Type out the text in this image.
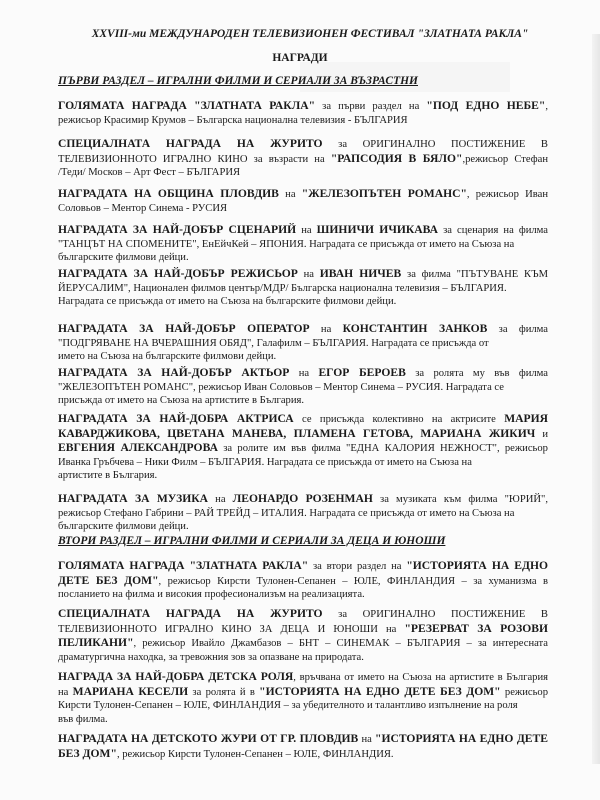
XXVIII-ми МЕЖДУНАРОДЕН ТЕЛЕВИЗИОНЕН ФЕСТИВАЛ "ЗЛАТНАТА РАКЛА"
НАГРАДИ
ПЪРВИ РАЗДЕЛ – ИГРАЛНИ ФИЛМИ И СЕРИАЛИ ЗА ВЪЗРАСТНИ
ГОЛЯМАТА НАГРАДА "ЗЛАТНАТА РАКЛА" за първи раздел на "ПОД ЕДНО НЕБЕ",
режисьор Красимир Крумов – Българска национална телевизия - БЪЛГАРИЯ
СПЕЦИАЛНАТА НАГРАДА НА ЖУРИТО за ОРИГИНАЛНО ПОСТИЖЕНИЕ В
ТЕЛЕВИЗИОННОТО ИГРАЛНО КИНО за възрасти на "РАПСОДИЯ В БЯЛО",режисьор Стефан
/Теди/ Москов – Арт Фест – БЪЛГАРИЯ
НАГРАДАТА НА ОБЩИНА ПЛОВДИВ на "ЖЕЛЕЗОПЪТЕН РОМАНС", режисьор Иван
Соловьов – Ментор Синема - РУСИЯ
НАГРАДАТА ЗА НАЙ-ДОБЪР СЦЕНАРИЙ на ШИНИЧИ ИЧИКАВА за сценария на филма
"ТАНЦЪТ НА СПОМЕНИТЕ", ЕнЕйчКей – ЯПОНИЯ. Наградата се присъжда от името на Съюза на
българските филмови дейци.
НАГРАДАТА ЗА НАЙ-ДОБЪР РЕЖИСЬОР на ИВАН НИЧЕВ за филма "ПЪТУВАНЕ КЪМ
ЙЕРУСАЛИМ", Национален филмов център/МДР/ Българска национална телевизия – БЪЛГАРИЯ.
Наградата се присъжда от името на Съюза на българските филмови дейци.
НАГРАДАТА ЗА НАЙ-ДОБЪР ОПЕРАТОР на КОНСТАНТИН ЗАНКОВ за филма
"ПОДГРЯВАНЕ НА ВЧЕРАШНИЯ ОБЯД", Галафилм – БЪЛГАРИЯ. Наградата се присъжда от
името на Съюза на българските филмови дейци.
НАГРАДАТА ЗА НАЙ-ДОБЪР АКТЬОР на ЕГОР БЕРОЕВ за ролята му във филма
"ЖЕЛЕЗОПЪТЕН РОМАНС", режисьор Иван Соловьов – Ментор Синема – РУСИЯ. Наградата се
присъжда от името на Съюза на артистите в България.
НАГРАДАТА ЗА НАЙ-ДОБРА АКТРИСА се присъжда колективно на актрисите МАРИЯ
КАВАРДЖИКОВА, ЦВЕТАНА МАНЕВА, ПЛАМЕНА ГЕТОВА, МАРИАНА ЖИКИЧ и
ЕВГЕНИЯ АЛЕКСАНДРОВА за ролите им във филма "ЕДНА КАЛОРИЯ НЕЖНОСТ", режисьор
Иванка Гръбчева – Ники Филм – БЪЛГАРИЯ. Наградата се присъжда от името на Съюза на
артистите в България.
НАГРАДАТА ЗА МУЗИКА на ЛЕОНАРДО РОЗЕНМАН за музиката към филма "ЮРИЙ",
режисьор Стефано Габрини – РАЙ ТРЕЙД – ИТАЛИЯ. Наградата се присъжда от името на Съюза на
българските филмови дейци.
ВТОРИ РАЗДЕЛ – ИГРАЛНИ ФИЛМИ И СЕРИАЛИ ЗА ДЕЦА И ЮНОШИ
ГОЛЯМАТА НАГРАДА "ЗЛАТНАТА РАКЛА" за втори раздел на "ИСТОРИЯТА НА ЕДНО
ДЕТЕ БЕЗ ДОМ", режисьор Кирсти Тулонен-Сепанен – ЮЛЕ, ФИНЛАНДИЯ – за хуманизма в
посланието на филма и високия професионализъм на реализацията.
СПЕЦИАЛНАТА НАГРАДА НА ЖУРИТО за ОРИГИНАЛНО ПОСТИЖЕНИЕ В
ТЕЛЕВИЗИОННОТО ИГРАЛНО КИНО ЗА ДЕЦА И ЮНОШИ на "РЕЗЕРВАТ ЗА РОЗОВИ
ПЕЛИКАНИ", режисьор Ивайло Джамбазов – БНТ – СИНЕМАК – БЪЛГАРИЯ – за интересната
драматургична находка, за тревожния зов за опазване на природата.
НАГРАДА ЗА НАЙ-ДОБРА ДЕТСКА РОЛЯ, връчвана от името на Съюза на артистите в България
на МАРИАНА КЕСЕЛИ за ролята й в "ИСТОРИЯТА НА ЕДНО ДЕТЕ БЕЗ ДОМ" режисьор
Кирсти Тулонен-Сепанен – ЮЛЕ, ФИНЛАНДИЯ – за убедителното и талантливо изпълнение на роля
във филма.
НАГРАДАТА НА ДЕТСКОТО ЖУРИ ОТ ГР. ПЛОВДИВ на "ИСТОРИЯТА НА ЕДНО ДЕТЕ
БЕЗ ДОМ", режисьор Кирсти Тулонен-Сепанен – ЮЛЕ, ФИНЛАНДИЯ.
